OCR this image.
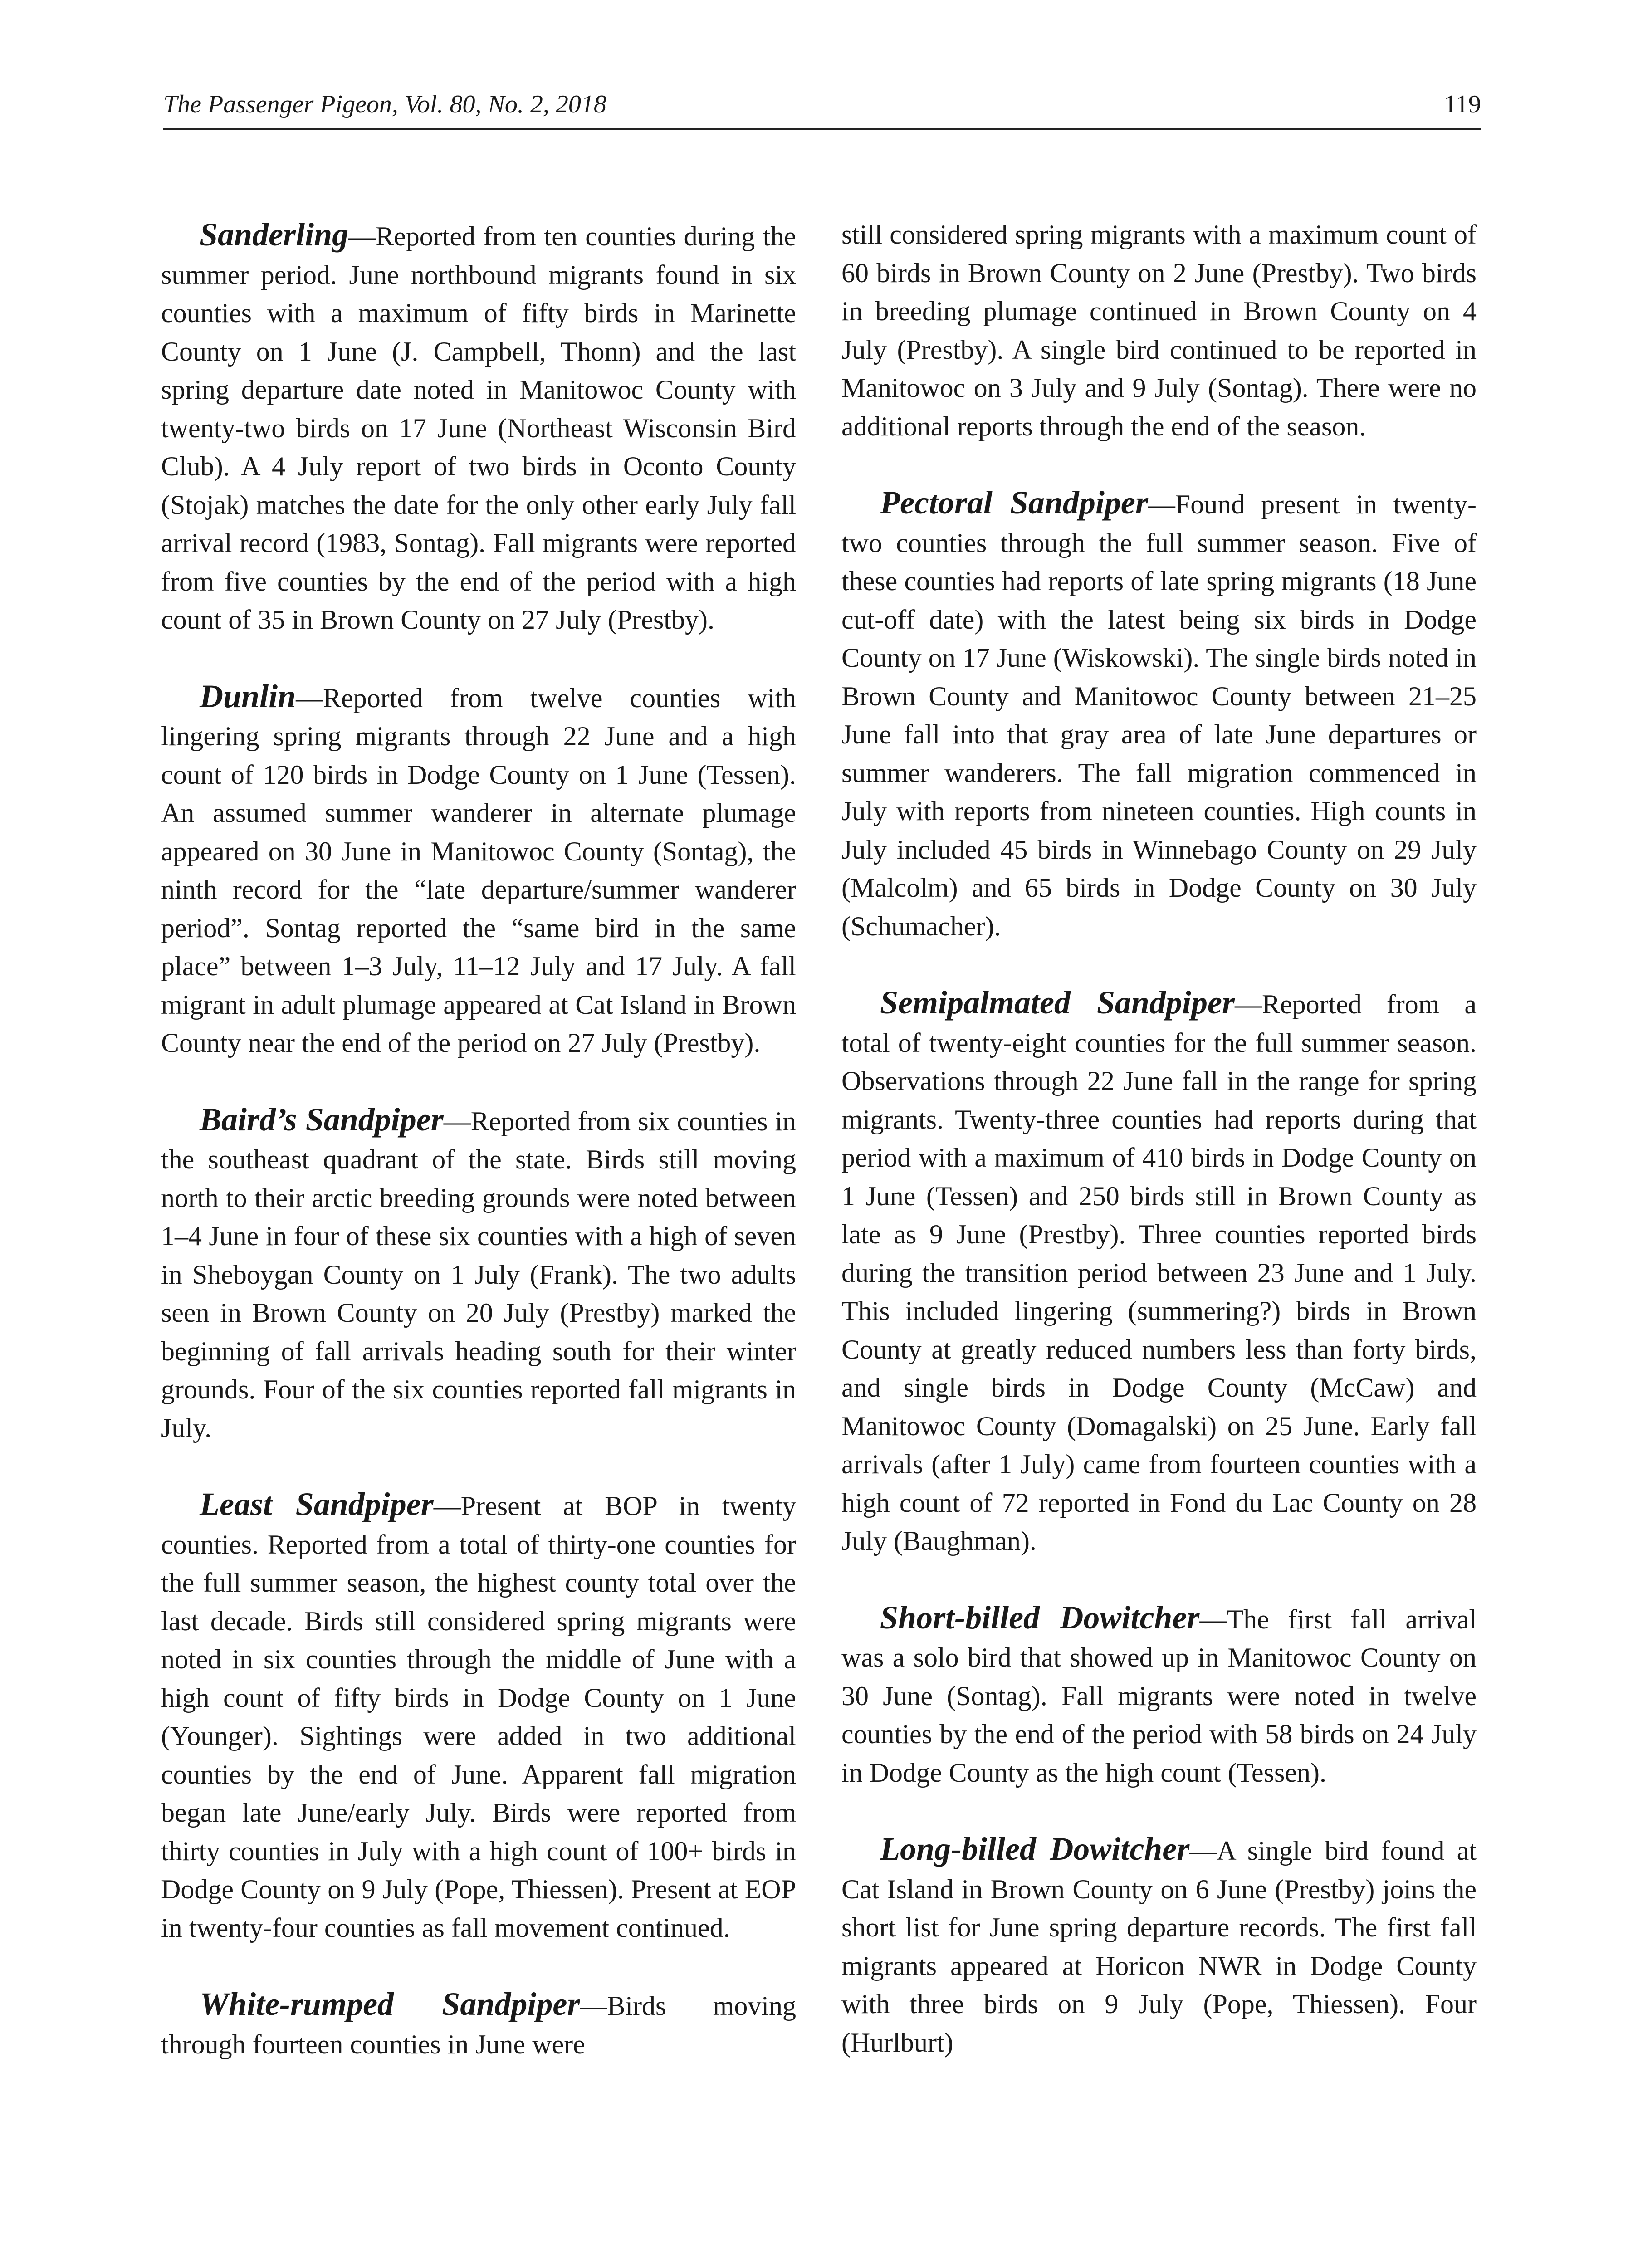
The Passenger Pigeon, Vol. 80, No. 2, 2018	119

Sanderling—Reported from ten counties during the summer period. June northbound migrants found in six counties with a maximum of fifty birds in Marinette County on 1 June (J. Campbell, Thonn) and the last spring departure date noted in Manitowoc County with twenty-two birds on 17 June (Northeast Wisconsin Bird Club). A 4 July report of two birds in Oconto County (Stojak) matches the date for the only other early July fall arrival record (1983, Sontag). Fall migrants were reported from five counties by the end of the period with a high count of 35 in Brown County on 27 July (Prestby).

Dunlin—Reported from twelve counties with lingering spring migrants through 22 June and a high count of 120 birds in Dodge County on 1 June (Tessen). An assumed summer wanderer in alternate plumage appeared on 30 June in Manitowoc County (Sontag), the ninth record for the “late departure/summer wanderer period”. Sontag reported the “same bird in the same place” between 1–3 July, 11–12 July and 17 July. A fall migrant in adult plumage appeared at Cat Island in Brown County near the end of the period on 27 July (Prestby).

Baird’s Sandpiper—Reported from six counties in the southeast quadrant of the state. Birds still moving north to their arctic breeding grounds were noted between 1–4 June in four of these six counties with a high of seven in Sheboygan County on 1 July (Frank). The two adults seen in Brown County on 20 July (Prestby) marked the beginning of fall arrivals heading south for their winter grounds. Four of the six counties reported fall migrants in July.

Least Sandpiper—Present at BOP in twenty counties. Reported from a total of thirty-one counties for the full summer season, the highest county total over the last decade. Birds still considered spring migrants were noted in six counties through the middle of June with a high count of fifty birds in Dodge County on 1 June (Younger). Sightings were added in two additional counties by the end of June. Apparent fall migration began late June/early July. Birds were reported from thirty counties in July with a high count of 100+ birds in Dodge County on 9 July (Pope, Thiessen). Present at EOP in twenty-four counties as fall movement continued.

White-rumped Sandpiper—Birds moving through fourteen counties in June were

still considered spring migrants with a maximum count of 60 birds in Brown County on 2 June (Prestby). Two birds in breeding plumage continued in Brown County on 4 July (Prestby). A single bird continued to be reported in Manitowoc on 3 July and 9 July (Sontag). There were no additional reports through the end of the season.

Pectoral Sandpiper—Found present in twenty-two counties through the full summer season. Five of these counties had reports of late spring migrants (18 June cut-off date) with the latest being six birds in Dodge County on 17 June (Wiskowski). The single birds noted in Brown County and Manitowoc County between 21–25 June fall into that gray area of late June departures or summer wanderers. The fall migration commenced in July with reports from nineteen counties. High counts in July included 45 birds in Winnebago County on 29 July (Malcolm) and 65 birds in Dodge County on 30 July (Schumacher).

Semipalmated Sandpiper—Reported from a total of twenty-eight counties for the full summer season. Observations through 22 June fall in the range for spring migrants. Twenty-three counties had reports during that period with a maximum of 410 birds in Dodge County on 1 June (Tessen) and 250 birds still in Brown County as late as 9 June (Prestby). Three counties reported birds during the transition period between 23 June and 1 July. This included lingering (summering?) birds in Brown County at greatly reduced numbers less than forty birds, and single birds in Dodge County (McCaw) and Manitowoc County (Domagalski) on 25 June. Early fall arrivals (after 1 July) came from fourteen counties with a high count of 72 reported in Fond du Lac County on 28 July (Baughman).

Short-billed Dowitcher—The first fall arrival was a solo bird that showed up in Manitowoc County on 30 June (Sontag). Fall migrants were noted in twelve counties by the end of the period with 58 birds on 24 July in Dodge County as the high count (Tessen).

Long-billed Dowitcher—A single bird found at Cat Island in Brown County on 6 June (Prestby) joins the short list for June spring departure records. The first fall migrants appeared at Horicon NWR in Dodge County with three birds on 9 July (Pope, Thiessen). Four (Hurlburt)
